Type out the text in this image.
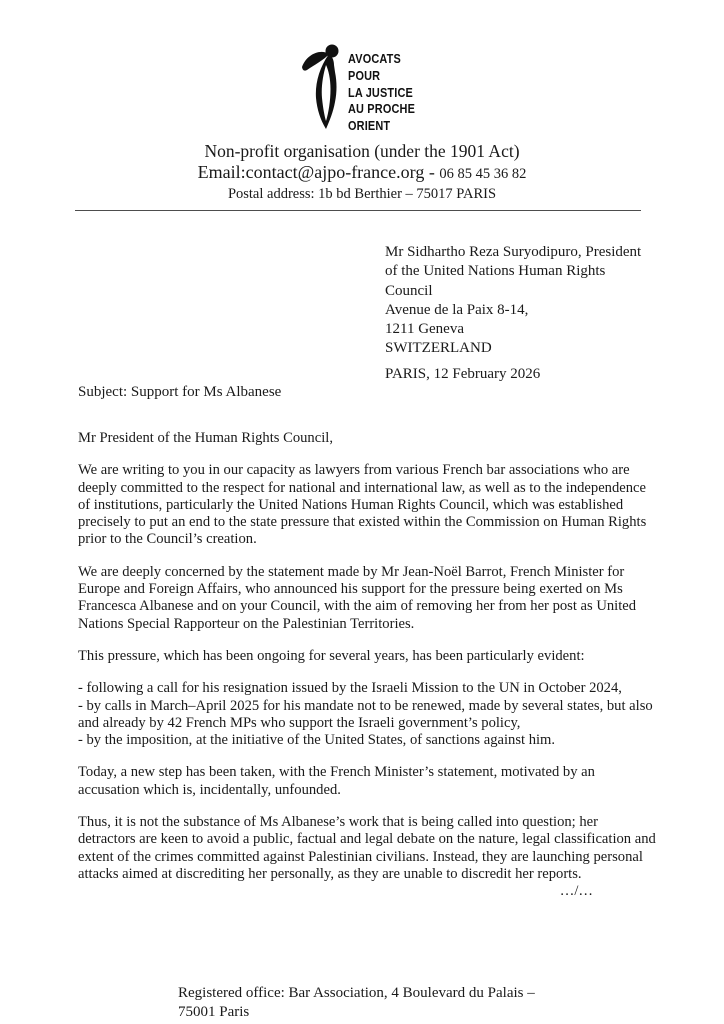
AVOCATS
POUR
LA JUSTICE
AU PROCHE
ORIENT
Non-profit organisation (under the 1901 Act)
Email:contact@ajpo-france.org - 06 85 45 36 82
Postal address: 1b bd Berthier – 75017 PARIS
Mr Sidhartho Reza Suryodipuro, President
of the United Nations Human Rights
Council
Avenue de la Paix 8-14,
1211 Geneva
SWITZERLAND
PARIS, 12 February 2026
Subject: Support for Ms Albanese

Mr President of the Human Rights Council,

We are writing to you in our capacity as lawyers from various French bar associations who are deeply committed to the respect for national and international law, as well as to the independence of institutions, particularly the United Nations Human Rights Council, which was established precisely to put an end to the state pressure that existed within the Commission on Human Rights prior to the Council’s creation.

We are deeply concerned by the statement made by Mr Jean-Noël Barrot, French Minister for Europe and Foreign Affairs, who announced his support for the pressure being exerted on Ms Francesca Albanese and on your Council, with the aim of removing her from her post as United Nations Special Rapporteur on the Palestinian Territories.

This pressure, which has been ongoing for several years, has been particularly evident:

- following a call for his resignation issued by the Israeli Mission to the UN in October 2024,

- by calls in March–April 2025 for his mandate not to be renewed, made by several states, but also and already by 42 French MPs who support the Israeli government’s policy,

- by the imposition, at the initiative of the United States, of sanctions against him.

Today, a new step has been taken, with the French Minister’s statement, motivated by an accusation which is, incidentally, unfounded.

Thus, it is not the substance of Ms Albanese’s work that is being called into question; her detractors are keen to avoid a public, factual and legal debate on the nature, legal classification and extent of the crimes committed against Palestinian civilians. Instead, they are launching personal attacks aimed at discrediting her personally, as they are unable to discredit her reports.

…/…
Registered office: Bar Association, 4 Boulevard du Palais –
75001 Paris
